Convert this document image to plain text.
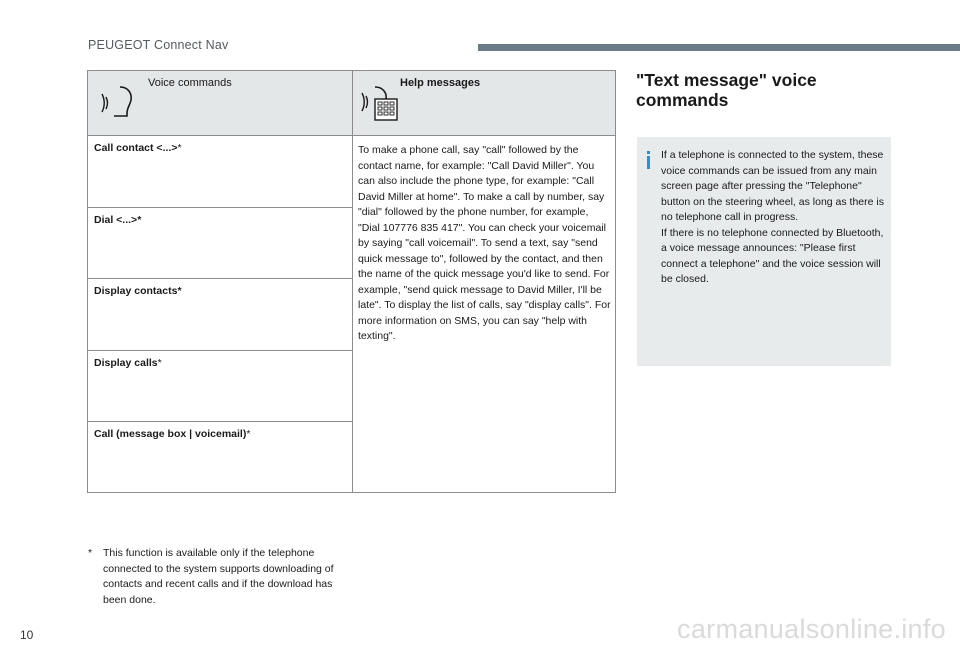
PEUGEOT Connect Nav
Voice commands	Help messages
Call contact <...>*
Dial <...>*
Display contacts*
Display calls*
Call (message box | voicemail)*
To make a phone call, say "call" followed by the contact name, for example: "Call David Miller". You can also include the phone type, for example: "Call David Miller at home". To make a call by number, say "dial" followed by the phone number, for example, "Dial 107776 835 417". You can check your voicemail by saying "call voicemail". To send a text, say "send quick message to", followed by the contact, and then the name of the quick message you'd like to send. For example, "send quick message to David Miller, I'll be late". To display the list of calls, say "display calls". For more information on SMS, you can say "help with texting".
"Text message" voice commands

If a telephone is connected to the system, these voice commands can be issued from any main screen page after pressing the "Telephone" button on the steering wheel, as long as there is no telephone call in progress.

If there is no telephone connected by Bluetooth, a voice message announces: "Please first connect a telephone" and the voice session will be closed.

*	This function is available only if the telephone connected to the system supports downloading of contacts and recent calls and if the download has been done.
10	carmanualsonline.info
